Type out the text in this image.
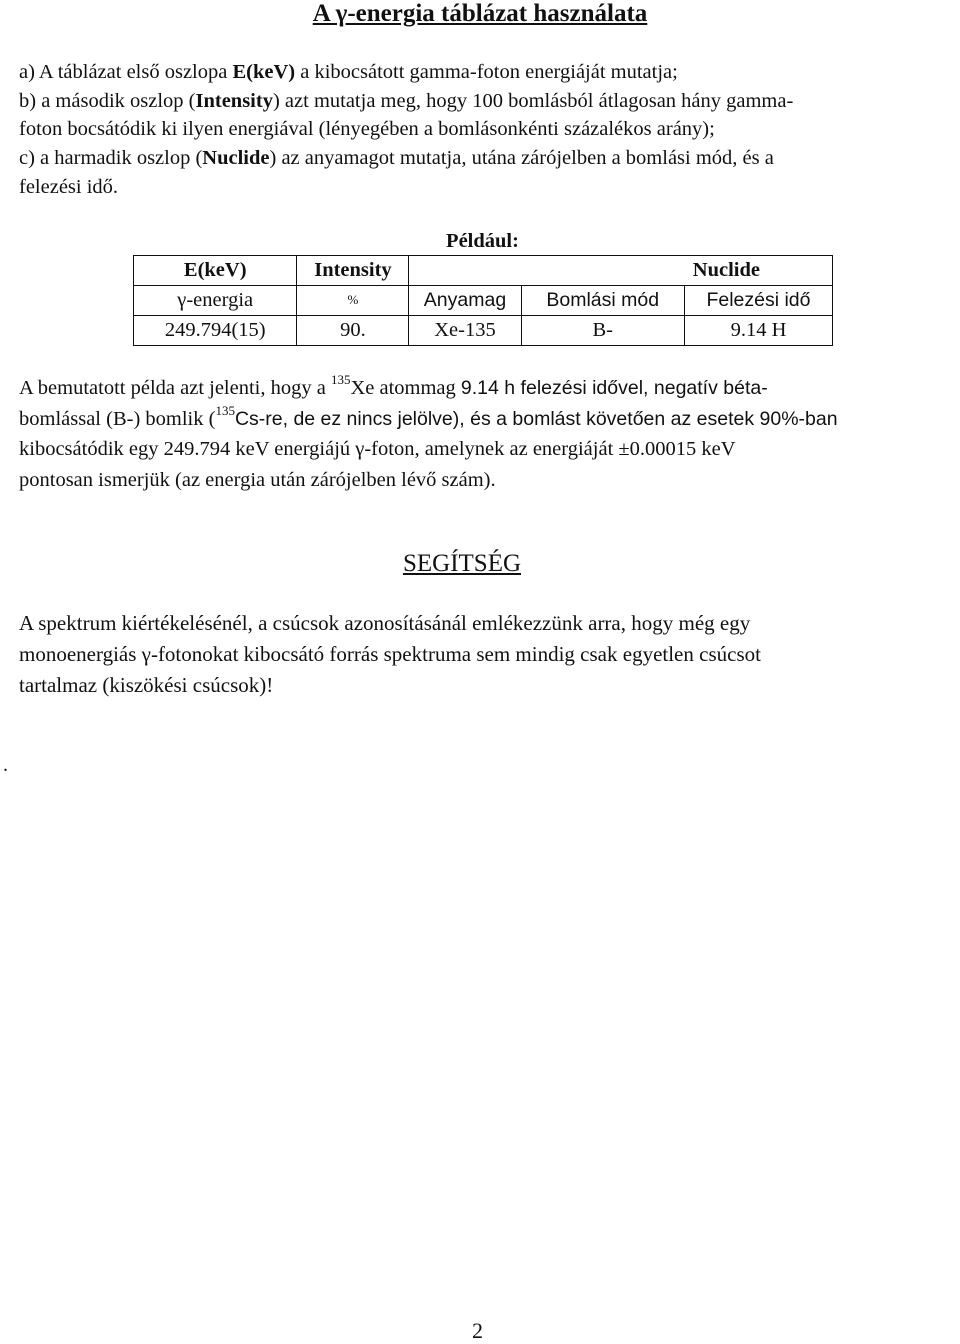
A γ-energia táblázat használata
a) A táblázat első oszlopa E(keV) a kibocsátott gamma-foton energiáját mutatja;
b) a második oszlop (Intensity) azt mutatja meg, hogy 100 bomlásból átlagosan hány gamma-
foton bocsátódik ki ilyen energiával (lényegében a bomlásonkénti százalékos arány);
c) a harmadik oszlop (Nuclide) az anyamagot mutatja, utána zárójelben a bomlási mód, és a
felezési idő.
Például:
E(keV)	Intensity	Nuclide		
γ-energia	%	Anyamag	Bomlási mód	Felezési idő
249.794(15)	90.	Xe-135	B-	9.14 H
A bemutatott példa azt jelenti, hogy a $^{135}$Xe atommag 9.14 h felezési idővel, negatív béta-
bomlással (B-) bomlik ($^{135}$Cs-re, de ez nincs jelölve), és a bomlást követően az esetek 90%-ban
kibocsátódik egy 249.794 keV energiájú γ-foton, amelynek az energiáját ±0.00015 keV
pontosan ismerjük (az energia után zárójelben lévő szám).
SEGÍTSÉG
A spektrum kiértékelésénél, a csúcsok azonosításánál emlékezzünk arra, hogy még egy
monoenergiás γ-fotonokat kibocsátó forrás spektruma sem mindig csak egyetlen csúcsot
tartalmaz (kiszökési csúcsok)!
.
2
